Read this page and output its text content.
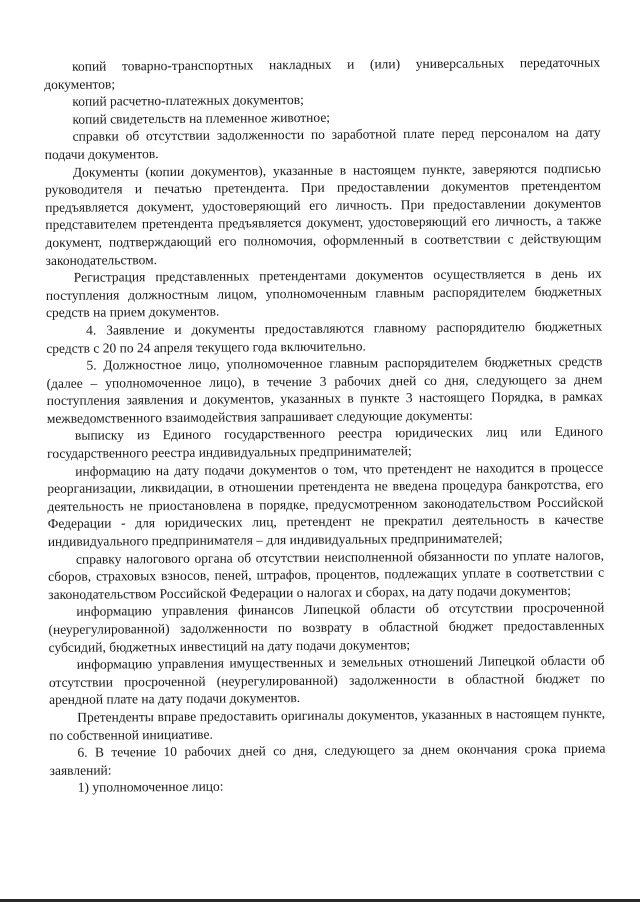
копий товарно-транспортных накладных и (или) универсальных передаточных документов;

копий расчетно-платежных документов;

копий свидетельств на племенное животное;

справки об отсутствии задолженности по заработной плате перед персоналом на дату подачи документов.

Документы (копии документов), указанные в настоящем пункте, заверяются подписью руководителя и печатью претендента. При предоставлении документов претендентом предъявляется документ, удостоверяющий его личность. При предоставлении документов представителем претендента предъявляется документ, удостоверяющий его личность, а также документ, подтверждающий его полномочия, оформленный в соответствии с действующим законодательством.

Регистрация представленных претендентами документов осуществляется в день их поступления должностным лицом, уполномоченным главным распорядителем бюджетных средств на прием документов.

4. Заявление и документы предоставляются главному распорядителю бюджетных средств с 20 по 24 апреля текущего года включительно.

5. Должностное лицо, уполномоченное главным распорядителем бюджетных средств (далее – уполномоченное лицо), в течение 3 рабочих дней со дня, следующего за днем поступления заявления и документов, указанных в пункте 3 настоящего Порядка, в рамках межведомственного взаимодействия запрашивает следующие документы:

выписку из Единого государственного реестра юридических лиц или Единого государственного реестра индивидуальных предпринимателей;

информацию на дату подачи документов о том, что претендент не находится в процессе реорганизации, ликвидации, в отношении претендента не введена процедура банкротства, его деятельность не приостановлена в порядке, предусмотренном законодательством Российской Федерации - для юридических лиц, претендент не прекратил деятельность в качестве индивидуального предпринимателя – для индивидуальных предпринимателей;

справку налогового органа об отсутствии неисполненной обязанности по уплате налогов, сборов, страховых взносов, пеней, штрафов, процентов, подлежащих уплате в соответствии с законодательством Российской Федерации о налогах и сборах, на дату подачи документов;

информацию управления финансов Липецкой области об отсутствии просроченной (неурегулированной) задолженности по возврату в областной бюджет предоставленных субсидий, бюджетных инвестиций на дату подачи документов;

информацию управления имущественных и земельных отношений Липецкой области об отсутствии просроченной (неурегулированной) задолженности в областной бюджет по арендной плате на дату подачи документов.

Претенденты вправе предоставить оригиналы документов, указанных в настоящем пункте, по собственной инициативе.

6. В течение 10 рабочих дней со дня, следующего за днем окончания срока приема заявлений:

1) уполномоченное лицо:
